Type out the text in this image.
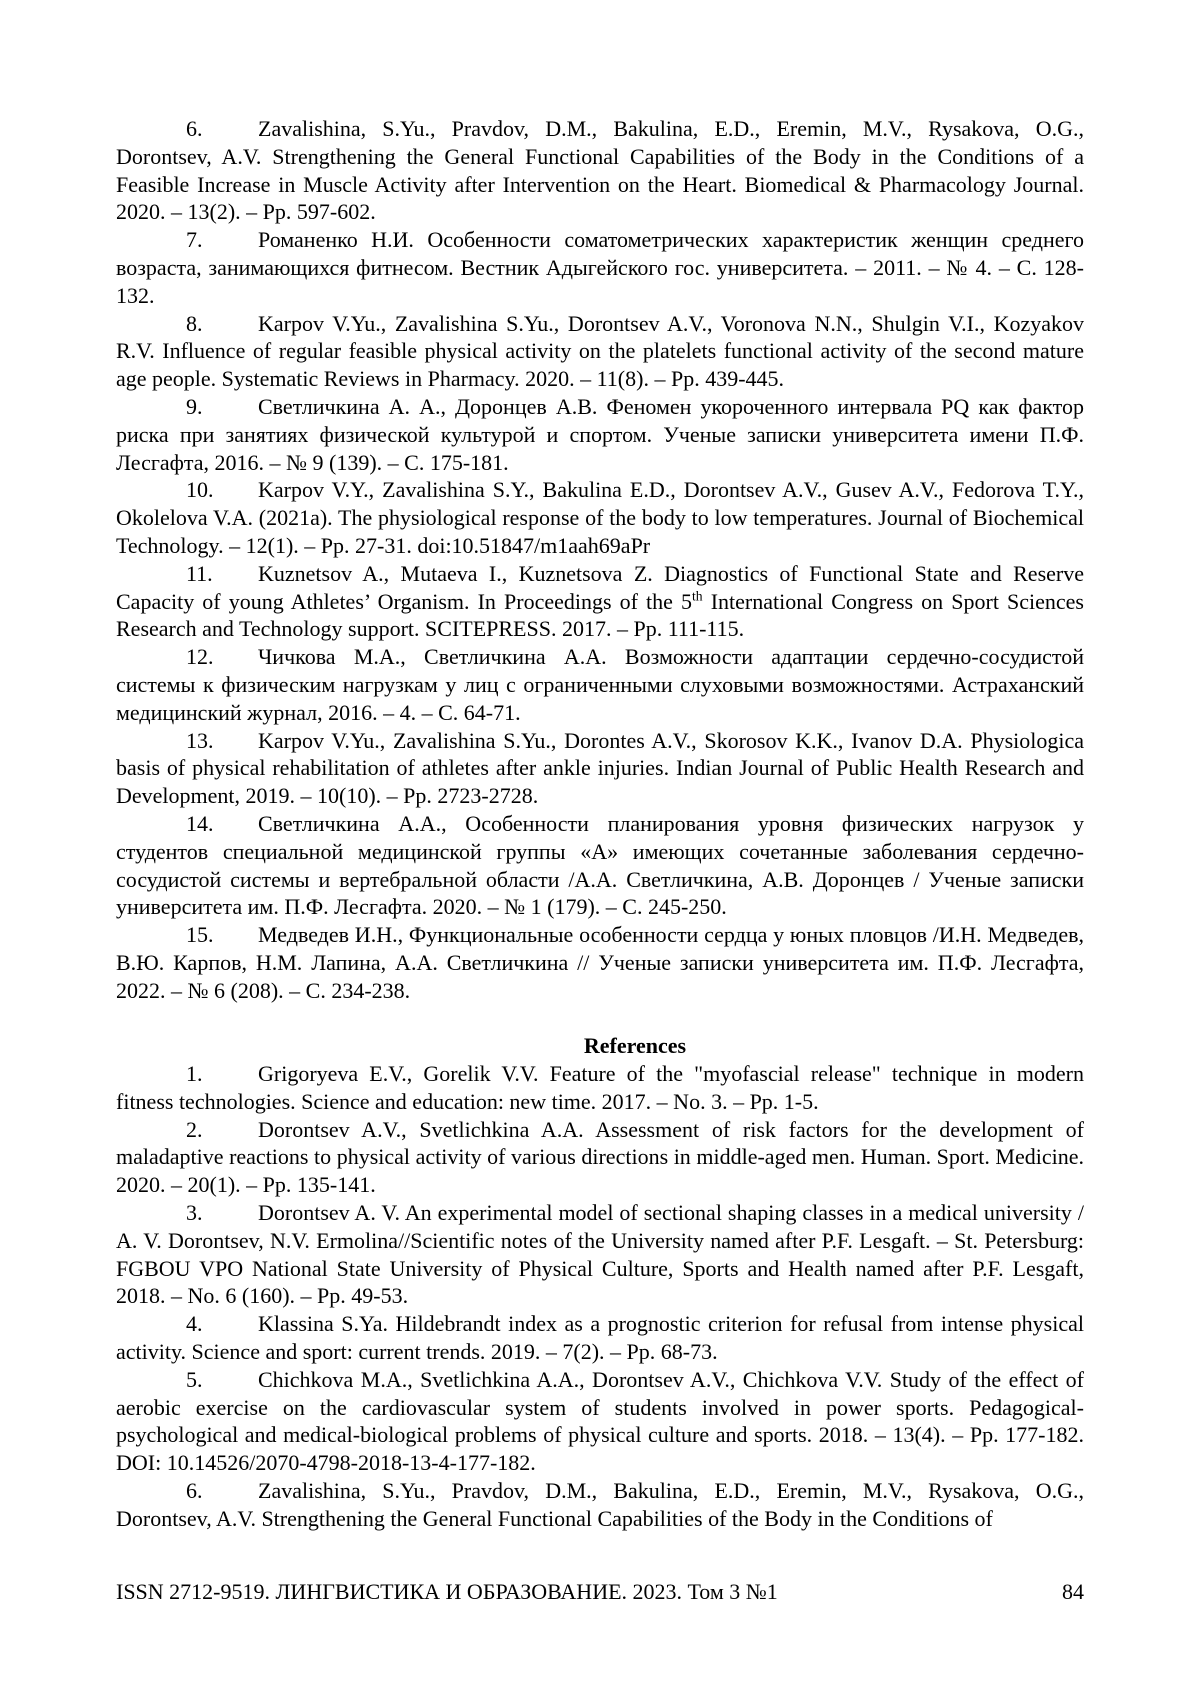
6.	Zavalishina, S.Yu., Pravdov, D.M., Bakulina, E.D., Eremin, M.V., Rysakova, O.G., Dorontsev, A.V. Strengthening the General Functional Capabilities of the Body in the Conditions of a Feasible Increase in Muscle Activity after Intervention on the Heart. Biomedical & Pharmacology Journal. 2020. – 13(2). – Pp. 597-602.

7.	Романенко Н.И. Особенности соматометрических характеристик женщин среднего возраста, занимающихся фитнесом. Вестник Адыгейского гос. университета. – 2011. – № 4. – С. 128-132.

8.	Karpov V.Yu., Zavalishina S.Yu., Dorontsev A.V., Voronova N.N., Shulgin V.I., Kozyakov R.V. Influence of regular feasible physical activity on the platelets functional activity of the second mature age people. Systematic Reviews in Pharmacy. 2020. – 11(8). – Pp. 439-445.

9.	Светличкина А. А., Доронцев А.В. Феномен укороченного интервала PQ как фактор риска при занятиях физической культурой и спортом. Ученые записки университета имени П.Ф. Лесгафта, 2016. – № 9 (139). – С. 175-181.

10. Karpov V.Y., Zavalishina S.Y., Bakulina E.D., Dorontsev A.V., Gusev A.V., Fedorova T.Y., Okolelova V.A. (2021a). The physiological response of the body to low temperatures. Journal of Biochemical Technology. – 12(1). – Pp. 27-31. doi:10.51847/m1aah69aPr

11. Kuznetsov A., Mutaeva I., Kuznetsova Z. Diagnostics of Functional State and Reserve Capacity of young Athletes’ Organism. In Proceedings of the 5th International Congress on Sport Sciences Research and Technology support. SCITEPRESS. 2017. – Pp. 111-115.

12. Чичкова М.А., Светличкина А.А. Возможности адаптации сердечно-сосудистой системы к физическим нагрузкам у лиц с ограниченными слуховыми возможностями. Астраханский медицинский журнал, 2016. – 4. – С. 64-71.

13. Karpov V.Yu., Zavalishina S.Yu., Dorontes A.V., Skorosov K.K., Ivanov D.A. Physiologica basis of physical rehabilitation of athletes after ankle injuries. Indian Journal of Public Health Research and Development, 2019. – 10(10). – Pp. 2723-2728.

14. Светличкина А.А., Особенности планирования уровня физических нагрузок у студентов специальной медицинской группы «А» имеющих сочетанные заболевания сердечно-сосудистой системы и вертебральной области /А.А. Светличкина, А.В. Доронцев / Ученые записки университета им. П.Ф. Лесгафта. 2020. – № 1 (179). – С. 245-250.

15. Медведев И.Н., Функциональные особенности сердца у юных пловцов /И.Н. Медведев, В.Ю. Карпов, Н.М. Лапина, А.А. Светличкина // Ученые записки университета им. П.Ф. Лесгафта, 2022. – № 6 (208). – С. 234-238.

References

1.	Grigoryeva E.V., Gorelik V.V. Feature of the "myofascial release" technique in modern fitness technologies. Science and education: new time. 2017. – No. 3. – Pp. 1-5.

2.	Dorontsev A.V., Svetlichkina A.A. Assessment of risk factors for the development of maladaptive reactions to physical activity of various directions in middle-aged men. Human. Sport. Medicine. 2020. – 20(1). – Pp. 135-141.

3.	Dorontsev A. V. An experimental model of sectional shaping classes in a medical university / A. V. Dorontsev, N.V. Ermolina//Scientific notes of the University named after P.F. Lesgaft. – St. Petersburg: FGBOU VPO National State University of Physical Culture, Sports and Health named after P.F. Lesgaft, 2018. – No. 6 (160). – Pp. 49-53.

4.	Klassina S.Ya. Hildebrandt index as a prognostic criterion for refusal from intense physical activity. Science and sport: current trends. 2019. – 7(2). – Pp. 68-73.

5.	Chichkova M.A., Svetlichkina A.A., Dorontsev A.V., Chichkova V.V. Study of the effect of aerobic exercise on the cardiovascular system of students involved in power sports. Pedagogical-psychological and medical-biological problems of physical culture and sports. 2018. – 13(4). – Pp. 177-182. DOI: 10.14526/2070-4798-2018-13-4-177-182.

6.	Zavalishina, S.Yu., Pravdov, D.M., Bakulina, E.D., Eremin, M.V., Rysakova, O.G., Dorontsev, A.V. Strengthening the General Functional Capabilities of the Body in the Conditions of

ISSN 2712-9519. ЛИНГВИСТИКА И ОБРАЗОВАНИЕ. 2023. Том 3 №1	84
